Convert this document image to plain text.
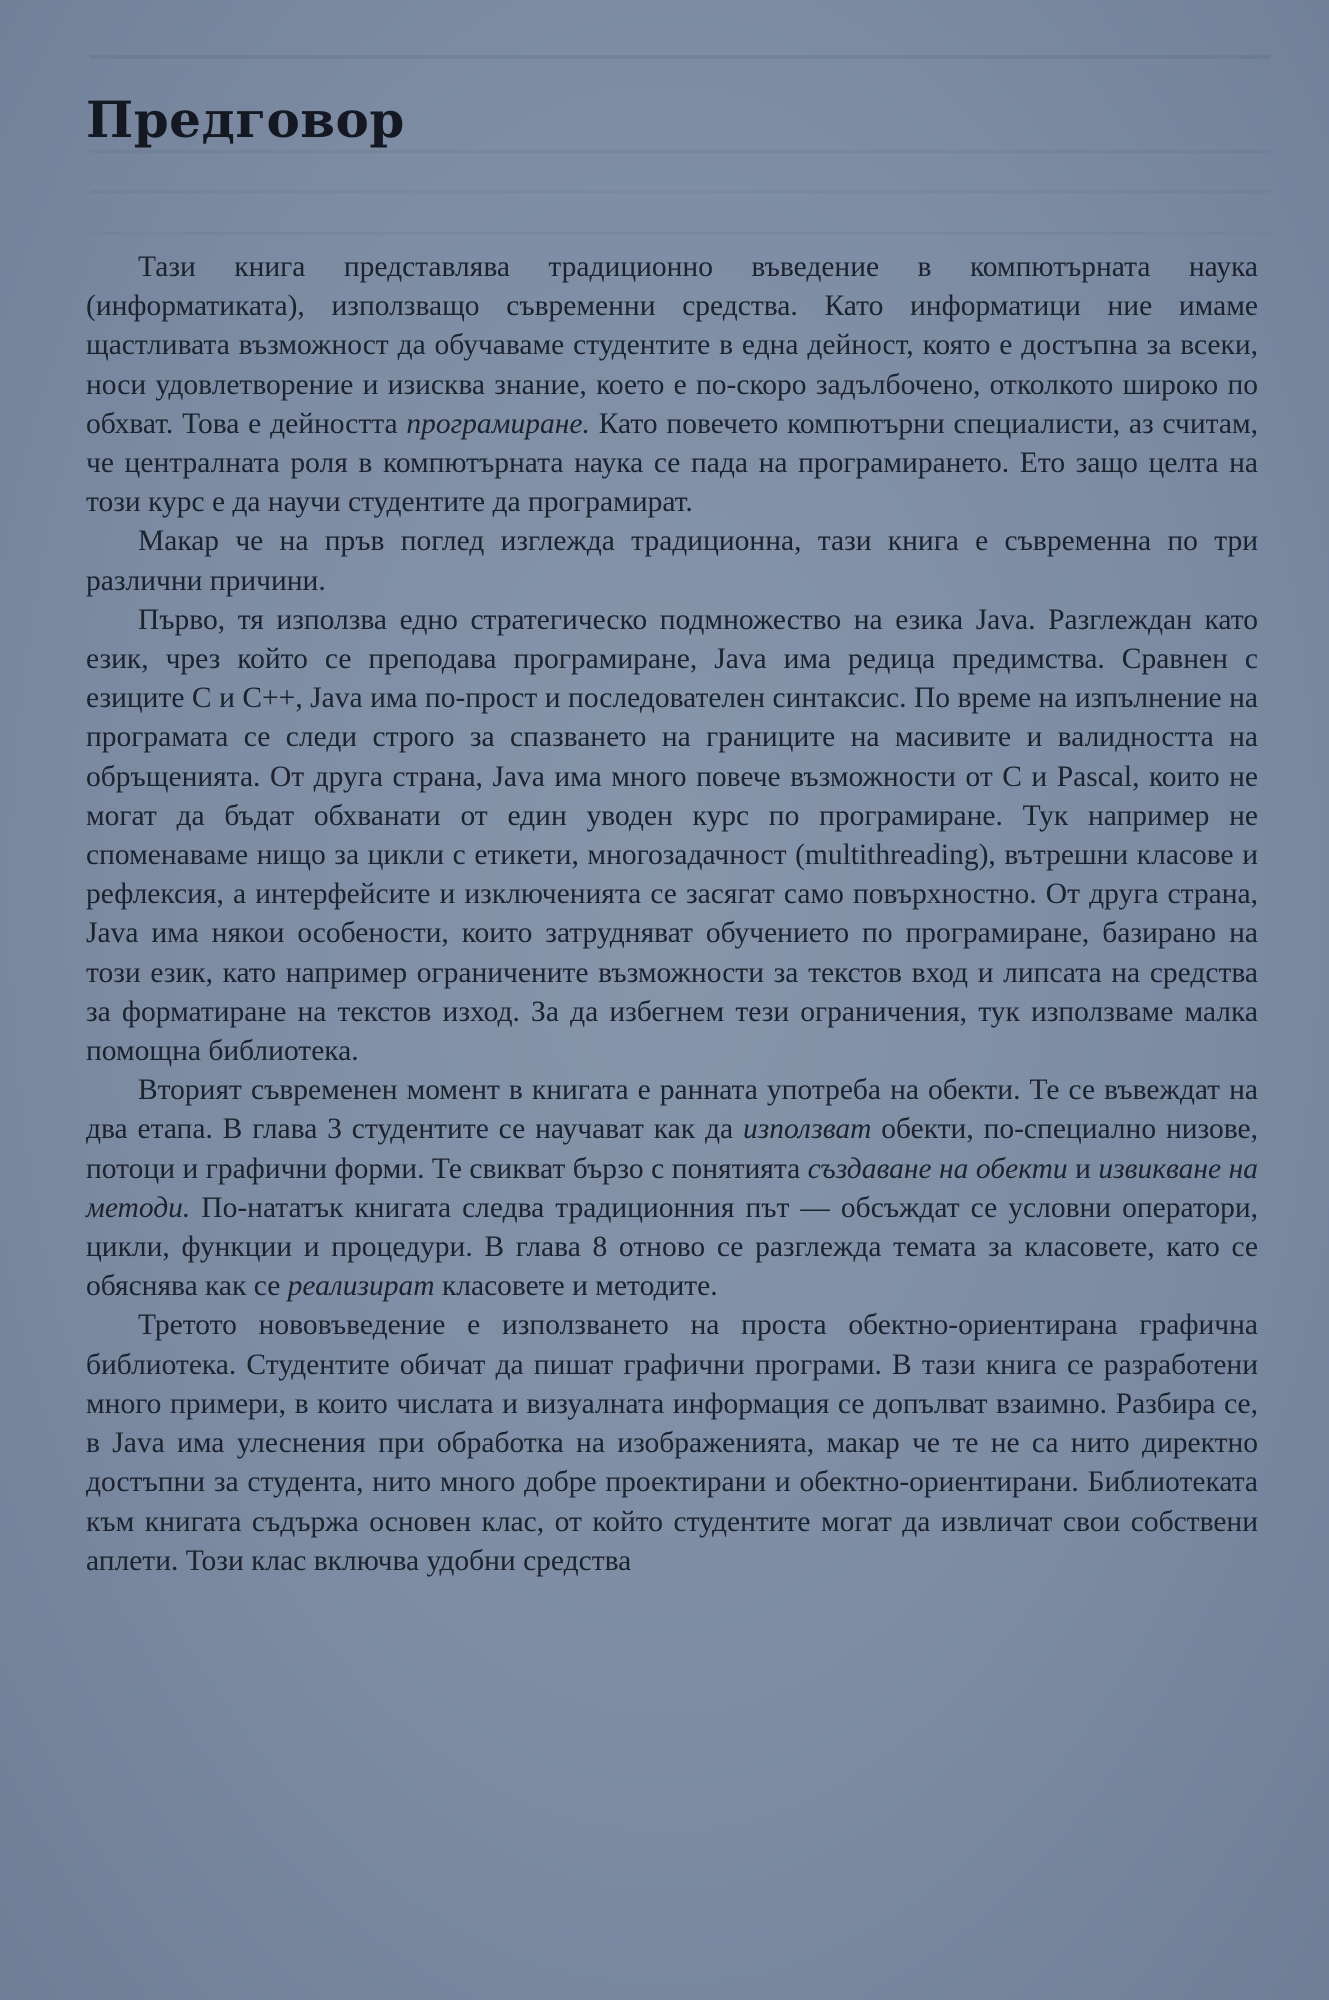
Предговор

Тази книга представлява традиционно въведение в компютърната наука (информатиката), използващо съвременни средства. Като информатици ние имаме щастливата възможност да обучаваме студентите в една дейност, която е достъпна за всеки, носи удовлетворение и изисква знание, което е по-скоро задълбочено, отколкото широко по обхват. Това е дейността програмиране. Като повечето компютърни специалисти, аз считам, че централната роля в компютърната наука се пада на програмирането. Ето защо целта на този курс е да научи студентите да програмират.

Макар че на пръв поглед изглежда традиционна, тази книга е съвременна по три различни причини.

Първо, тя използва едно стратегическо подмножество на езика Java. Разглеждан като език, чрез който се преподава програмиране, Java има редица предимства. Сравнен с езиците C и C++, Java има по-прост и последователен синтаксис. По време на изпълнение на програмата се следи строго за спазването на границите на масивите и валидността на обръщенията. От друга страна, Java има много повече възможности от C и Pascal, които не могат да бъдат обхванати от един уводен курс по програмиране. Тук например не споменаваме нищо за цикли с етикети, многозадачност (multithreading), вътрешни класове и рефлексия, а интерфейсите и изключенията се засягат само повърхностно. От друга страна, Java има някои особености, които затрудняват обучението по програмиране, базирано на този език, като например ограничените възможности за текстов вход и липсата на средства за форматиране на текстов изход. За да избегнем тези ограничения, тук използваме малка помощна библиотека.

Вторият съвременен момент в книгата е ранната употреба на обекти. Те се въвеждат на два етапа. В глава 3 студентите се научават как да използват обекти, по-специално низове, потоци и графични форми. Те свикват бързо с понятията създаване на обекти и извикване на методи. По-нататък книгата следва традиционния път — обсъждат се условни оператори, цикли, функции и процедури. В глава 8 отново се разглежда темата за класовете, като се обяснява как се реализират класовете и методите.

Третото нововъведение е използването на проста обектно-ориентирана графична библиотека. Студентите обичат да пишат графични програми. В тази книга се разработени много примери, в които числата и визуалната информация се допълват взаимно. Разбира се, в Java има улеснения при обработка на изображенията, макар че те не са нито директно достъпни за студента, нито много добре проектирани и обектно-ориентирани. Библиотеката към книгата съдържа основен клас, от който студентите могат да извличат свои собствени аплети. Този клас включва удобни средства
